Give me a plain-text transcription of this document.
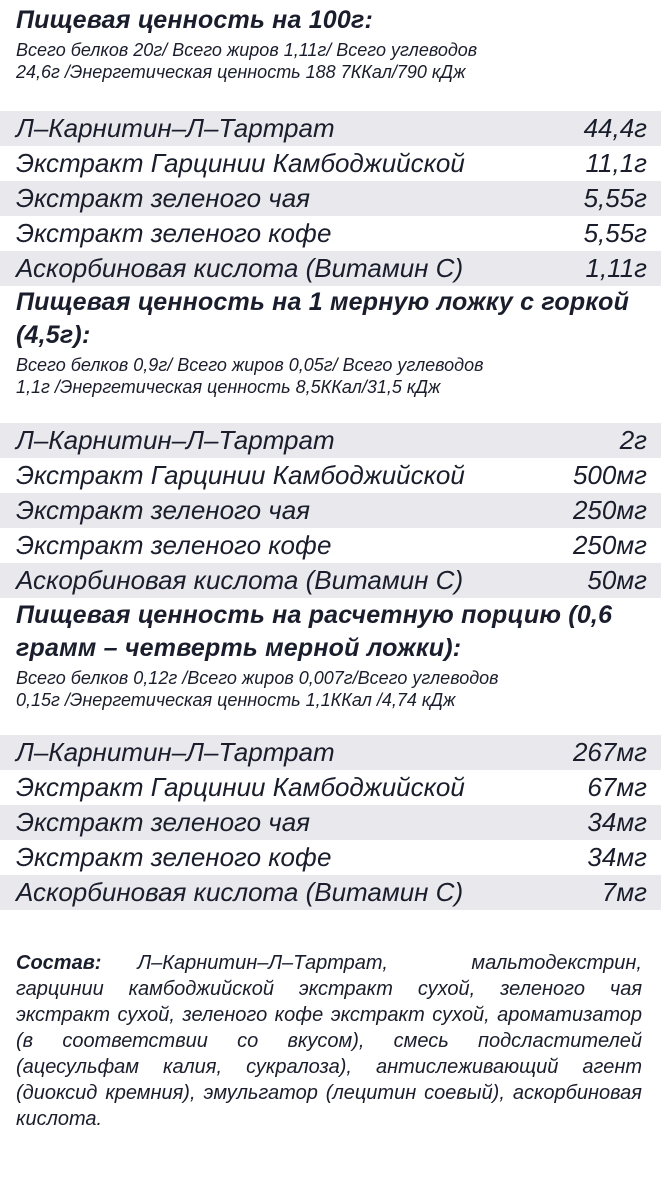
Пищевая ценность на 100г:
Всего белков 20г/ Всего жиров 1,11г/ Всего углеводов
24,6г /Энергетическая ценность 188 7ККал/790 кДж
Л–Карнитин–Л–Тартрат	44,4г
Экстракт Гарцинии Камбоджийской	11,1г
Экстракт зеленого чая	5,55г
Экстракт зеленого кофе	5,55г
Аскорбиновая кислота (Витамин С)	1,11г
Пищевая ценность на 1 мерную ложку с горкой (4,5г):
Всего белков 0,9г/ Всего жиров 0,05г/ Всего углеводов
1,1г /Энергетическая ценность 8,5ККал/31,5 кДж
Л–Карнитин–Л–Тартрат	2г
Экстракт Гарцинии Камбоджийской	500мг
Экстракт зеленого чая	250мг
Экстракт зеленого кофе	250мг
Аскорбиновая кислота (Витамин С)	50мг
Пищевая ценность на расчетную порцию (0,6 грамм – четверть мерной ложки):
Всего белков 0,12г /Всего жиров 0,007г/Всего углеводов
0,15г /Энергетическая ценность 1,1ККал /4,74 кДж
Л–Карнитин–Л–Тартрат	267мг
Экстракт Гарцинии Камбоджийской	67мг
Экстракт зеленого чая	34мг
Экстракт зеленого кофе	34мг
Аскорбиновая кислота (Витамин С)	7мг
Состав: Л–Карнитин–Л–Тартрат, мальтодекстрин, гарцинии камбоджийской экстракт сухой, зеленого чая экстракт сухой, зеленого кофе экстракт сухой, ароматизатор (в соответствии со вкусом), смесь подсластителей (ацесульфам калия, сукралоза), антислеживающий агент (диоксид кремния), эмульгатор (лецитин соевый), аскорбиновая кислота.
